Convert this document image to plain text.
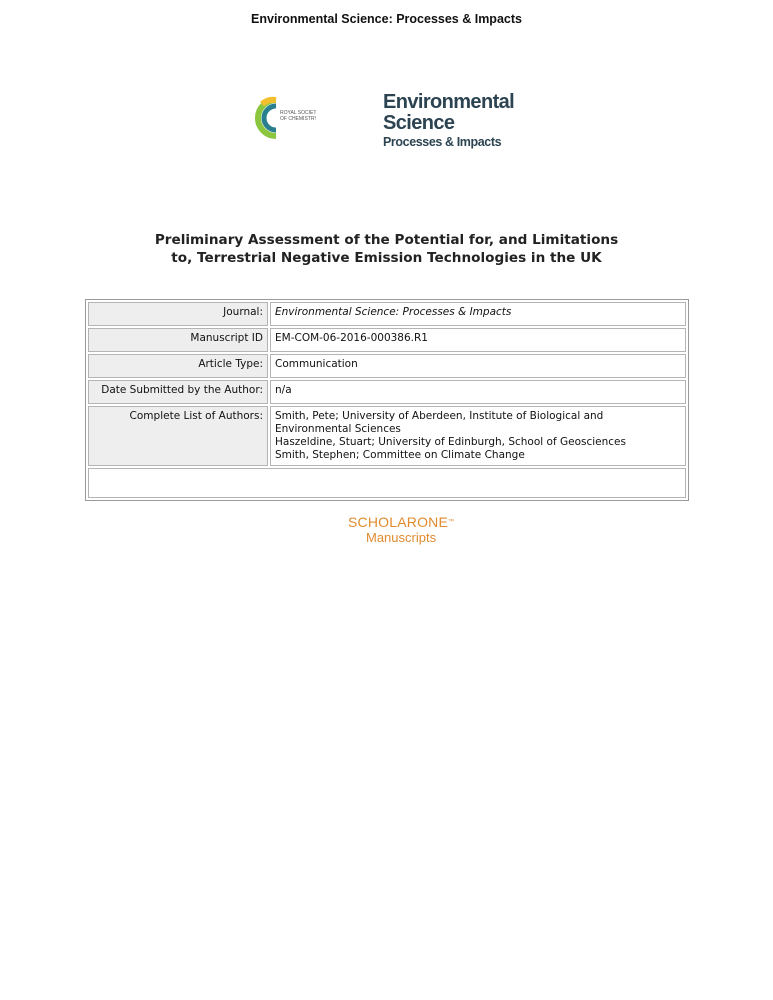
Environmental Science: Processes & Impacts
ROYAL SOCIETY
OF CHEMISTRY
Environmental
Science
Processes & Impacts
Preliminary Assessment of the Potential for, and Limitations
to, Terrestrial Negative Emission Technologies in the UK
Journal:	Environmental Science: Processes & Impacts
Manuscript ID	EM-COM-06-2016-000386.R1
Article Type:	Communication
Date Submitted by the Author:	n/a
Complete List of Authors:	Smith, Pete; University of Aberdeen, Institute of Biological and
Environmental Sciences
Haszeldine, Stuart; University of Edinburgh, School of Geosciences
Smith, Stephen; Committee on Climate Change

SCHOLARONE™
Manuscripts
